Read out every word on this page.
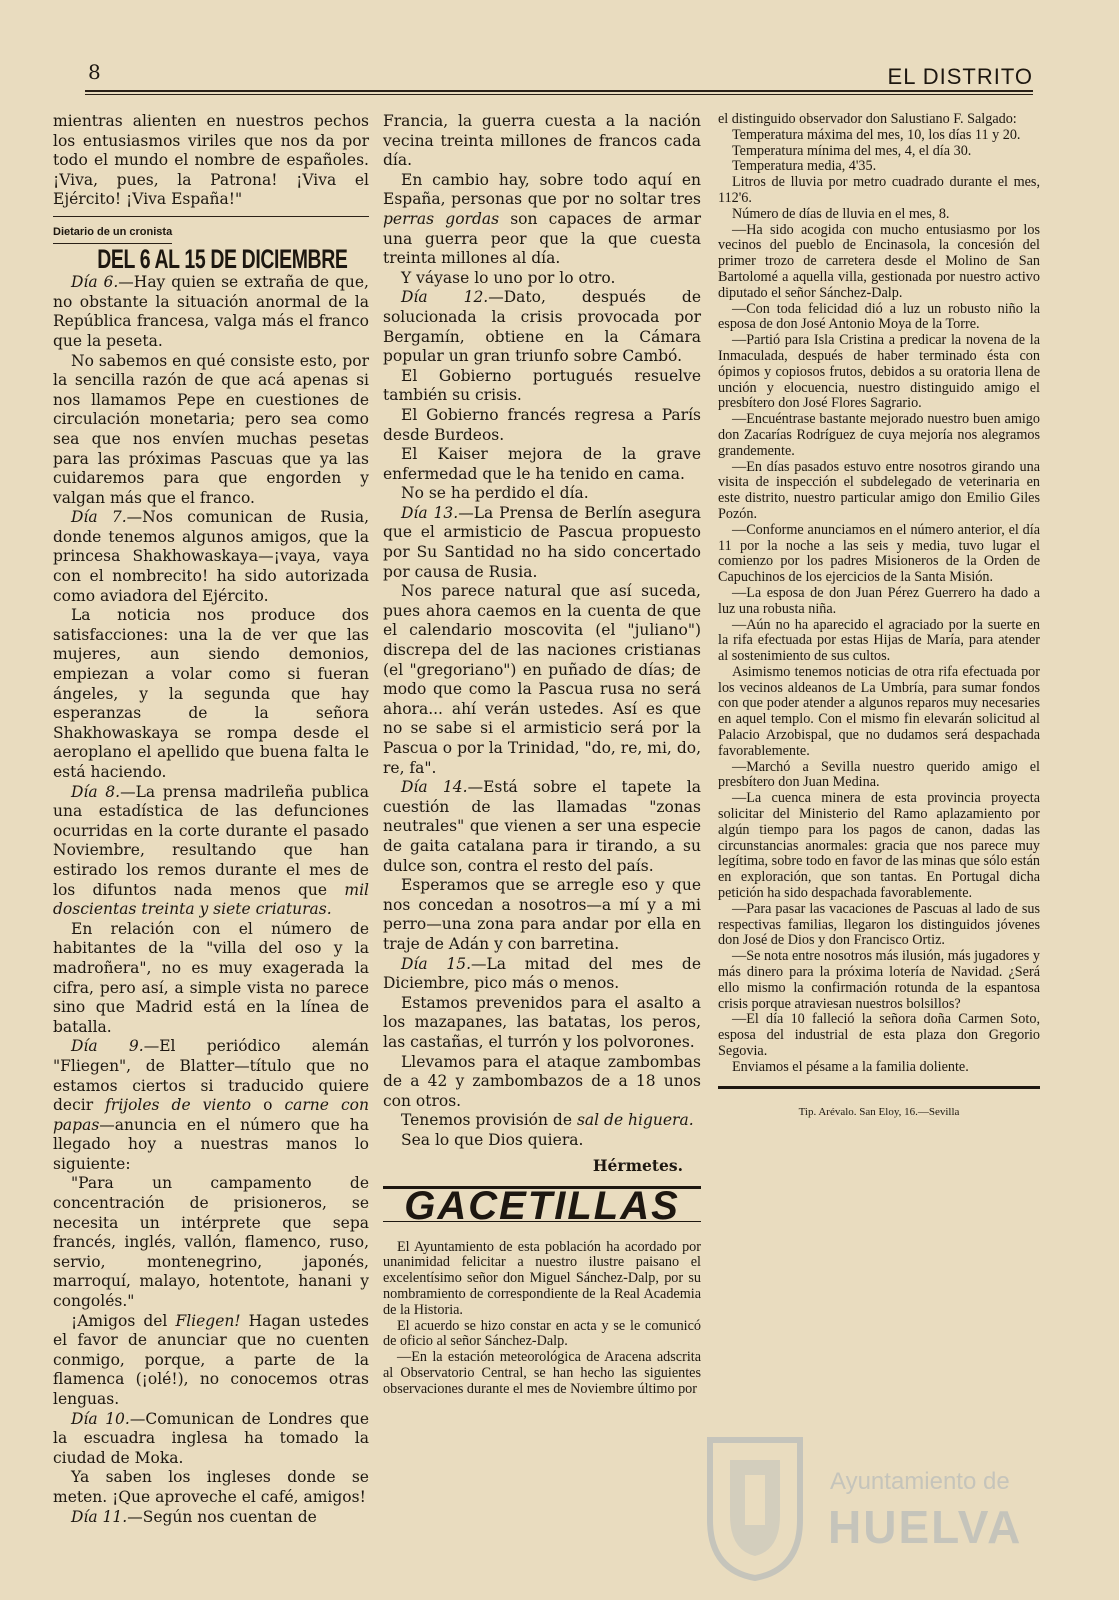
8	EL DISTRITO

mientras alienten en nuestros pechos los entusiasmos viriles que nos da por todo el mundo el nombre de españoles. ¡Viva, pues, la Patrona! ¡Viva el Ejército! ¡Viva España!"

Dietario de un cronista
DEL 6 AL 15 DE DICIEMBRE

Día 6.—Hay quien se extraña de que, no obstante la situación anormal de la República francesa, valga más el franco que la peseta.

No sabemos en qué consiste esto, por la sencilla razón de que acá apenas si nos llamamos Pepe en cuestiones de circulación monetaria; pero sea como sea que nos envíen muchas pesetas para las próximas Pascuas que ya las cuidaremos para que engorden y valgan más que el franco.

Día 7.—Nos comunican de Rusia, donde tenemos algunos amigos, que la princesa Shakhowaskaya—¡vaya, vaya con el nombrecito! ha sido autorizada como aviadora del Ejército.

La noticia nos produce dos satisfacciones: una la de ver que las mujeres, aun siendo demonios, empiezan a volar como si fueran ángeles, y la segunda que hay esperanzas de la señora Shakhowaskaya se rompa desde el aeroplano el apellido que buena falta le está haciendo.

Día 8.—La prensa madrileña publica una estadística de las defunciones ocurridas en la corte durante el pasado Noviembre, resultando que han estirado los remos durante el mes de los difuntos nada menos que mil doscientas treinta y siete criaturas.

En relación con el número de habitantes de la "villa del oso y la madroñera", no es muy exagerada la cifra, pero así, a simple vista no parece sino que Madrid está en la línea de batalla.

Día 9.—El periódico alemán "Fliegen", de Blatter—título que no estamos ciertos si traducido quiere decir frijoles de viento o carne con papas—anuncia en el número que ha llegado hoy a nuestras manos lo siguiente:

"Para un campamento de concentración de prisioneros, se necesita un intérprete que sepa francés, inglés, vallón, flamenco, ruso, servio, montenegrino, japonés, marroquí, malayo, hotentote, hanani y congolés."

¡Amigos del Fliegen! Hagan ustedes el favor de anunciar que no cuenten conmigo, porque, a parte de la flamenca (¡olé!), no conocemos otras lenguas.

Día 10.—Comunican de Londres que la escuadra inglesa ha tomado la ciudad de Moka.

Ya saben los ingleses donde se meten. ¡Que aproveche el café, amigos!

Día 11.—Según nos cuentan de

Francia, la guerra cuesta a la nación vecina treinta millones de francos cada día.

En cambio hay, sobre todo aquí en España, personas que por no soltar tres perras gordas son capaces de armar una guerra peor que la que cuesta treinta millones al día.

Y váyase lo uno por lo otro.

Día 12.—Dato, después de solucionada la crisis provocada por Bergamín, obtiene en la Cámara popular un gran triunfo sobre Cambó.

El Gobierno portugués resuelve también su crisis.

El Gobierno francés regresa a París desde Burdeos.

El Kaiser mejora de la grave enfermedad que le ha tenido en cama.

No se ha perdido el día.

Día 13.—La Prensa de Berlín asegura que el armisticio de Pascua propuesto por Su Santidad no ha sido concertado por causa de Rusia.

Nos parece natural que así suceda, pues ahora caemos en la cuenta de que el calendario moscovita (el "juliano") discrepa del de las naciones cristianas (el "gregoriano") en puñado de días; de modo que como la Pascua rusa no será ahora... ahí verán ustedes. Así es que no se sabe si el armisticio será por la Pascua o por la Trinidad, "do, re, mi, do, re, fa".

Día 14.—Está sobre el tapete la cuestión de las llamadas "zonas neutrales" que vienen a ser una especie de gaita catalana para ir tirando, a su dulce son, contra el resto del país.

Esperamos que se arregle eso y que nos concedan a nosotros—a mí y a mi perro—una zona para andar por ella en traje de Adán y con barretina.

Día 15.—La mitad del mes de Diciembre, pico más o menos.

Estamos prevenidos para el asalto a los mazapanes, las batatas, los peros, las castañas, el turrón y los polvorones.

Llevamos para el ataque zambombas de a 42 y zambombazos de a 18 unos con otros.

Tenemos provisión de sal de higuera.

Sea lo que Dios quiera.

Hérmetes.
GACETILLAS

El Ayuntamiento de esta población ha acordado por unanimidad felicitar a nuestro ilustre paisano el excelentísimo señor don Miguel Sánchez-Dalp, por su nombramiento de correspondiente de la Real Academia de la Historia.

El acuerdo se hizo constar en acta y se le comunicó de oficio al señor Sánchez-Dalp.

—En la estación meteorológica de Aracena adscrita al Observatorio Central, se han hecho las siguientes observaciones durante el mes de Noviembre último por

el distinguido observador don Salustiano F. Salgado:

Temperatura máxima del mes, 10, los días 11 y 20.

Temperatura mínima del mes, 4, el día 30.

Temperatura media, 4'35.

Litros de lluvia por metro cuadrado durante el mes, 112'6.

Número de días de lluvia en el mes, 8.

—Ha sido acogida con mucho entusiasmo por los vecinos del pueblo de Encinasola, la concesión del primer trozo de carretera desde el Molino de San Bartolomé a aquella villa, gestionada por nuestro activo diputado el señor Sánchez-Dalp.

—Con toda felicidad dió a luz un robusto niño la esposa de don José Antonio Moya de la Torre.

—Partió para Isla Cristina a predicar la novena de la Inmaculada, después de haber terminado ésta con ópimos y copiosos frutos, debidos a su oratoria llena de unción y elocuencia, nuestro distinguido amigo el presbítero don José Flores Sagrario.

—Encuéntrase bastante mejorado nuestro buen amigo don Zacarías Rodríguez de cuya mejoría nos alegramos grandemente.

—En días pasados estuvo entre nosotros girando una visita de inspección el subdelegado de veterinaria en este distrito, nuestro particular amigo don Emilio Giles Pozón.

—Conforme anunciamos en el número anterior, el día 11 por la noche a las seis y media, tuvo lugar el comienzo por los padres Misioneros de la Orden de Capuchinos de los ejercicios de la Santa Misión.

—La esposa de don Juan Pérez Guerrero ha dado a luz una robusta niña.

—Aún no ha aparecido el agraciado por la suerte en la rifa efectuada por estas Hijas de María, para atender al sostenimiento de sus cultos.

Asimismo tenemos noticias de otra rifa efectuada por los vecinos aldeanos de La Umbría, para sumar fondos con que poder atender a algunos reparos muy necesaries en aquel templo. Con el mismo fin elevarán solicitud al Palacio Arzobispal, que no dudamos será despachada favorablemente.

—Marchó a Sevilla nuestro querido amigo el presbítero don Juan Medina.

—La cuenca minera de esta provincia proyecta solicitar del Ministerio del Ramo aplazamiento por algún tiempo para los pagos de canon, dadas las circunstancias anormales: gracia que nos parece muy legítima, sobre todo en favor de las minas que sólo están en exploración, que son tantas. En Portugal dicha petición ha sido despachada favorablemente.

—Para pasar las vacaciones de Pascuas al lado de sus respectivas familias, llegaron los distinguidos jóvenes don José de Dios y don Francisco Ortiz.

—Se nota entre nosotros más ilusión, más jugadores y más dinero para la próxima lotería de Navidad. ¿Será ello mismo la confirmación rotunda de la espantosa crisis porque atraviesan nuestros bolsillos?

—El día 10 falleció la señora doña Carmen Soto, esposa del industrial de esta plaza don Gregorio Segovia.

Enviamos el pésame a la familia doliente.

Tip. Arévalo. San Eloy, 16.—Sevilla
Ayuntamiento de
HUELVA
